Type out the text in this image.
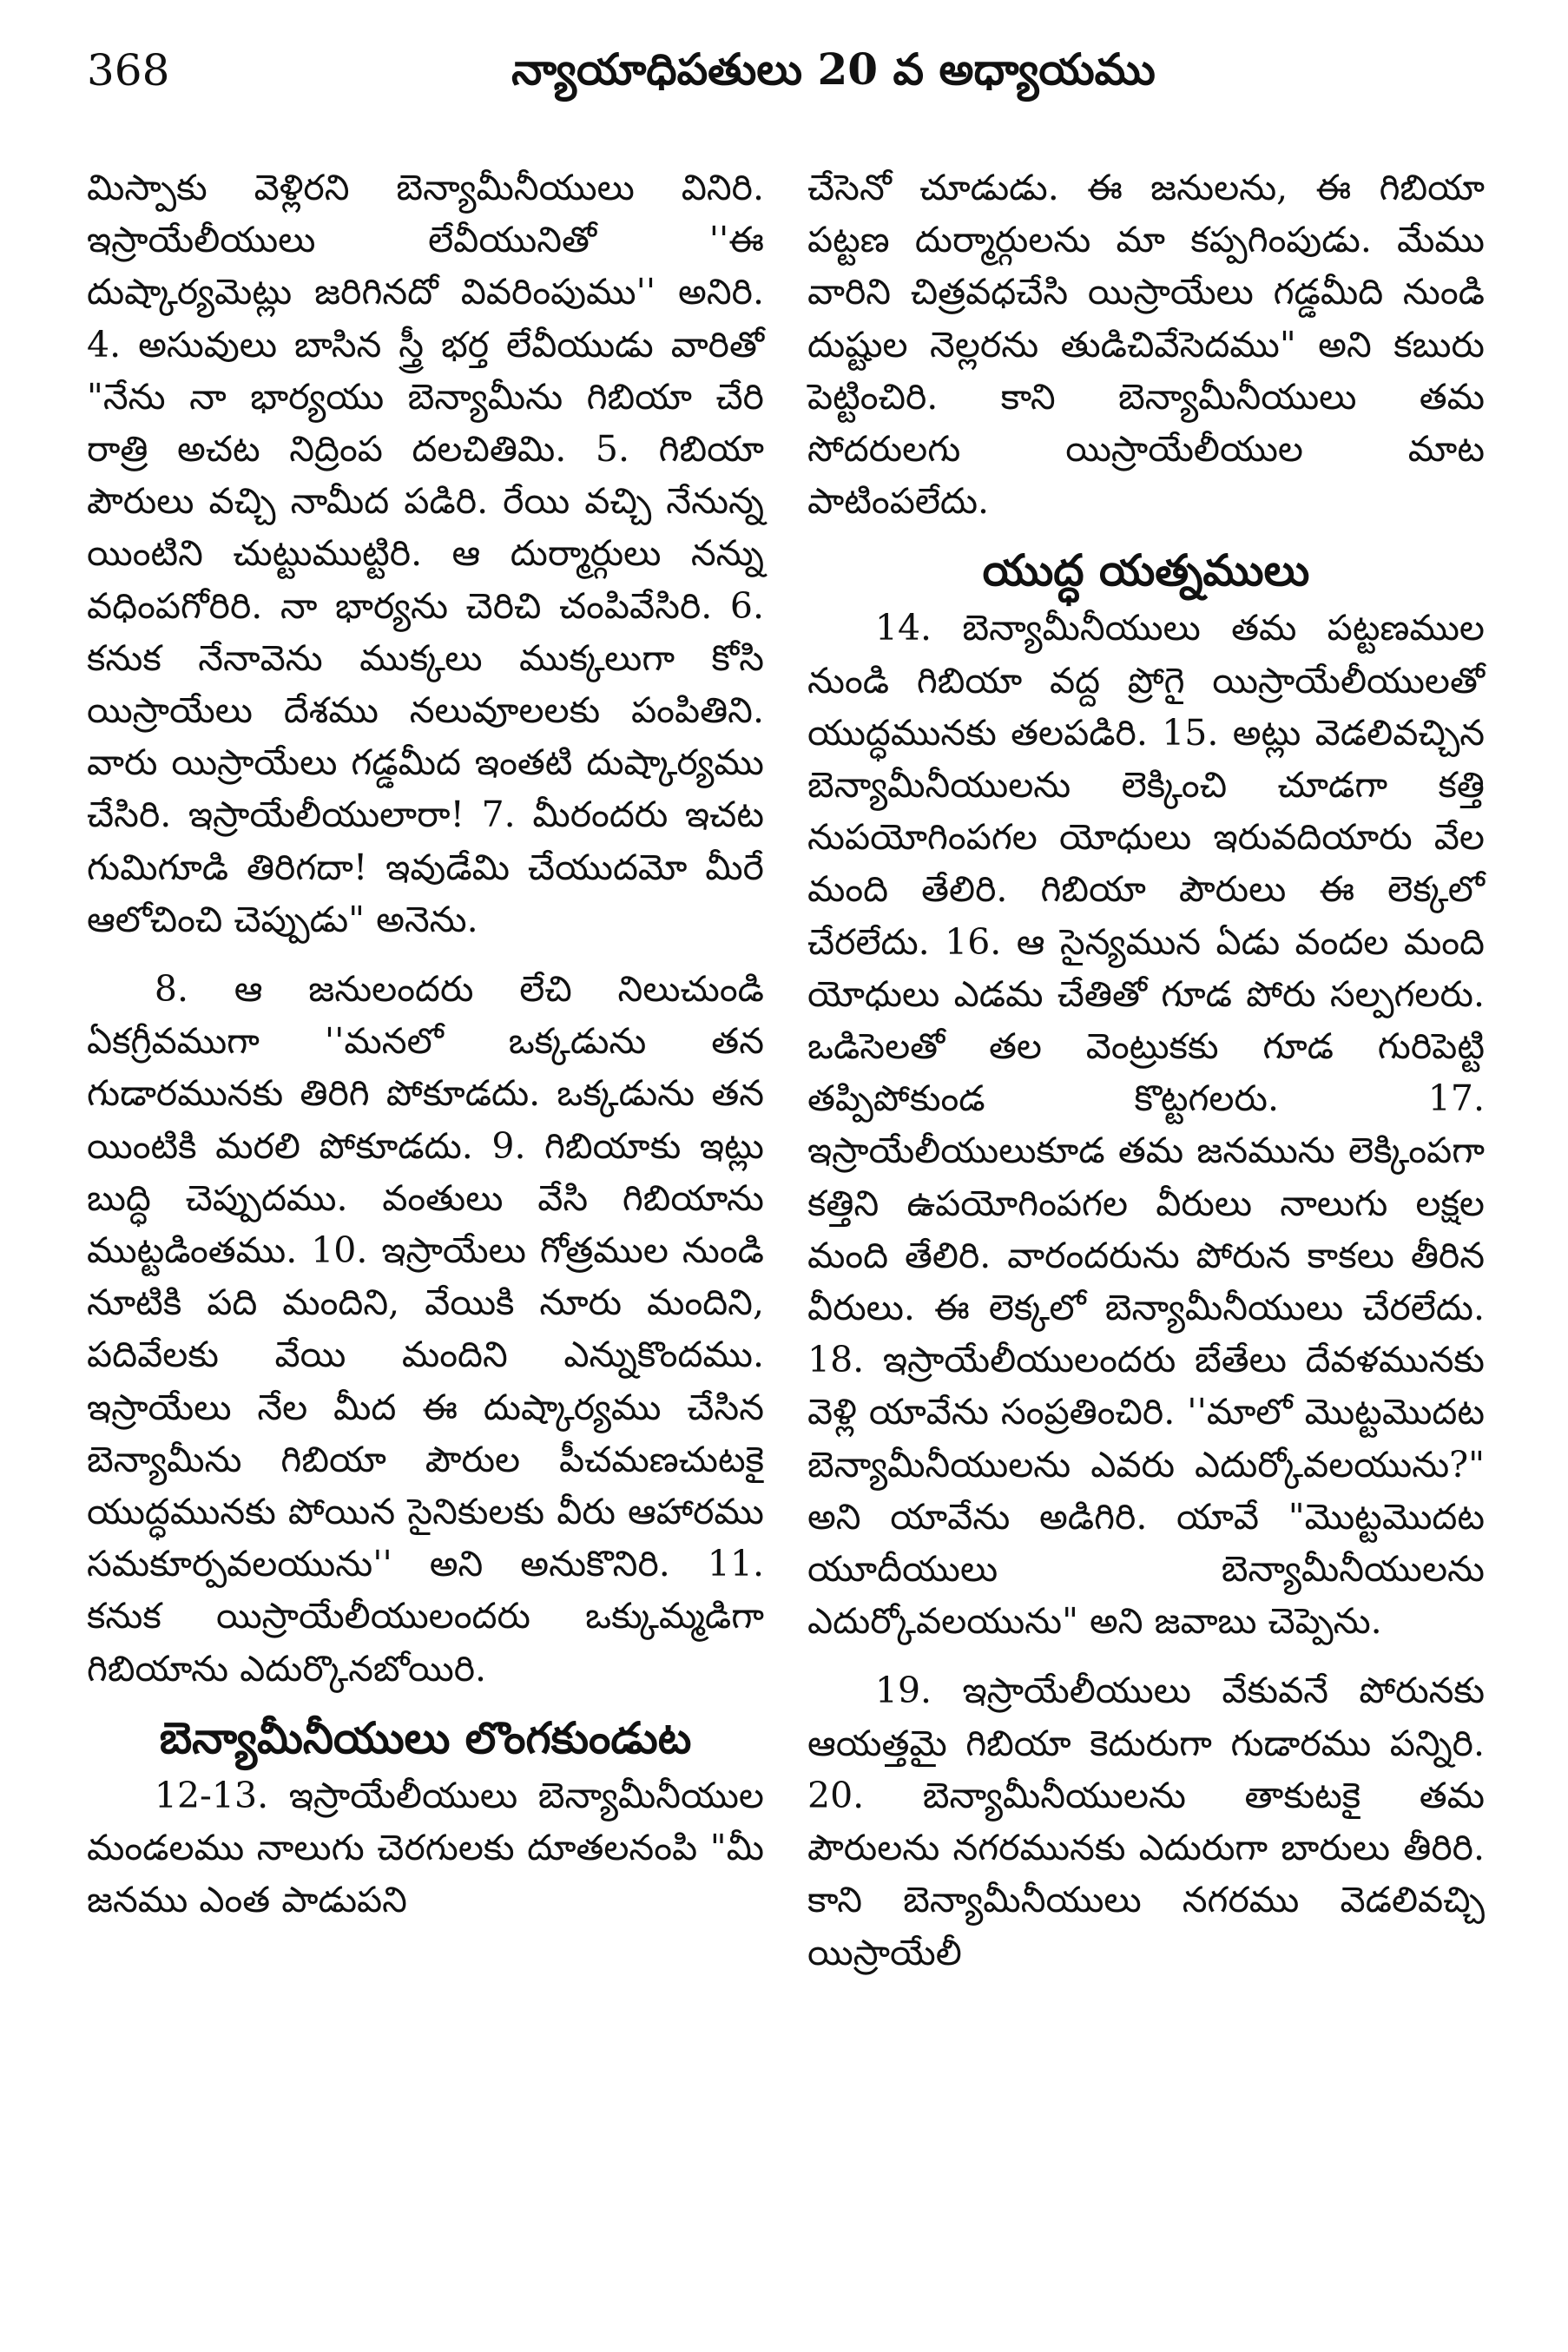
368	న్యాయాధిపతులు 20 వ అధ్యాయము

మిస్పాకు వెళ్లిరని బెన్యామీనీయులు వినిరి. ఇస్రాయేలీయులు లేవీయునితో ''ఈ దుష్కార్యమెట్లు జరిగినదో వివరింపుము'' అనిరి. 4. అసువులు బాసిన స్త్రీ భర్త లేవీయుడు వారితో "నేను నా భార్యయు బెన్యామీను గిబియా చేరి రాత్రి అచట నిద్రింప దలచితిమి. 5. గిబియా పౌరులు వచ్చి నామీద పడిరి. రేయి వచ్చి నేనున్న యింటిని చుట్టుముట్టిరి. ఆ దుర్మార్గులు నన్ను వధింపగోరిరి. నా భార్యను చెరిచి చంపివేసిరి. 6. కనుక నేనావెను ముక్కలు ముక్కలుగా కోసి యిస్రాయేలు దేశము నలువూలలకు పంపితిని. వారు యిస్రాయేలు గడ్డమీద ఇంతటి దుష్కార్యము చేసిరి. ఇస్రాయేలీయులారా! 7. మీరందరు ఇచట గుమిగూడి తిరిగదా! ఇవుడేమి చేయుదమో మీరే ఆలోచించి చెప్పుడు" అనెను.

8. ఆ జనులందరు లేచి నిలుచుండి ఏకగ్రీవముగా ''మనలో ఒక్కడును తన గుడారమునకు తిరిగి పోకూడదు. ఒక్కడును తన యింటికి మరలి పోకూడదు. 9. గిబియాకు ఇట్లు బుద్ధి చెప్పుదము. వంతులు వేసి గిబియాను ముట్టడింతము. 10. ఇస్రాయేలు గోత్రముల నుండి నూటికి పది మందిని, వేయికి నూరు మందిని, పదివేలకు వేయి మందిని ఎన్నుకొందము. ఇస్రాయేలు నేల మీద ఈ దుష్కార్యము చేసిన బెన్యామీను గిబియా పౌరుల పీచమణచుటకై యుద్ధమునకు పోయిన సైనికులకు వీరు ఆహారము సమకూర్పవలయును'' అని అనుకొనిరి. 11. కనుక యిస్రాయేలీయులందరు ఒక్కుమ్మడిగా గిబియాను ఎదుర్కొనబోయిరి.

బెన్యామీనీయులు లొంగకుండుట

12-13. ఇస్రాయేలీయులు బెన్యామీనీయుల మండలము నాలుగు చెరగులకు దూతలనంపి "మీ జనము ఎంత పాడుపని

చేసెనో చూడుడు. ఈ జనులను, ఈ గిబియా పట్టణ దుర్మార్గులను మా కప్పగింపుడు. మేము వారిని చిత్రవధచేసి యిస్రాయేలు గడ్డమీది నుండి దుష్టుల నెల్లరను తుడిచివేసెదము" అని కబురు పెట్టించిరి. కాని బెన్యామీనీయులు తమ సోదరులగు యిస్రాయేలీయుల మాట పాటింపలేదు.

యుద్ధ యత్నములు

14. బెన్యామీనీయులు తమ పట్టణముల నుండి గిబియా వద్ద ప్రోగై యిస్రాయేలీయులతో యుద్ధమునకు తలపడిరి. 15. అట్లు వెడలివచ్చిన బెన్యామీనీయులను లెక్కించి చూడగా కత్తి నుపయోగింపగల యోధులు ఇరువదియారు వేల మంది తేలిరి. గిబియా పౌరులు ఈ లెక్కలో చేరలేదు. 16. ఆ సైన్యమున ఏడు వందల మంది యోధులు ఎడమ చేతితో గూడ పోరు సల్పగలరు. ఒడిసెలతో తల వెంట్రుకకు గూడ గురిపెట్టి తప్పిపోకుండ కొట్టగలరు. 17. ఇస్రాయేలీయులుకూడ తమ జనమును లెక్కింపగా కత్తిని ఉపయోగింపగల వీరులు నాలుగు లక్షల మంది తేలిరి. వారందరును పోరున కాకలు తీరిన వీరులు. ఈ లెక్కలో బెన్యామీనీయులు చేరలేదు. 18. ఇస్రాయేలీయులందరు బేతేలు దేవళమునకు వెళ్లి యావేను సంప్రతించిరి. ''మాలో మొట్టమొదట బెన్యామీనీయులను ఎవరు ఎదుర్కోవలయును?" అని యావేను అడిగిరి. యావే "మొట్టమొదట యూదీయులు బెన్యామీనీయులను ఎదుర్కోవలయును" అని జవాబు చెప్పెను.

19. ఇస్రాయేలీయులు వేకువనే పోరునకు ఆయత్తమై గిబియా కెదురుగా గుడారము పన్నిరి. 20. బెన్యామీనీయులను తాకుటకై తమ పౌరులను నగరమునకు ఎదురుగా బారులు తీరిరి. కాని బెన్యామీనీయులు నగరము వెడలివచ్చి యిస్రాయేలీ
